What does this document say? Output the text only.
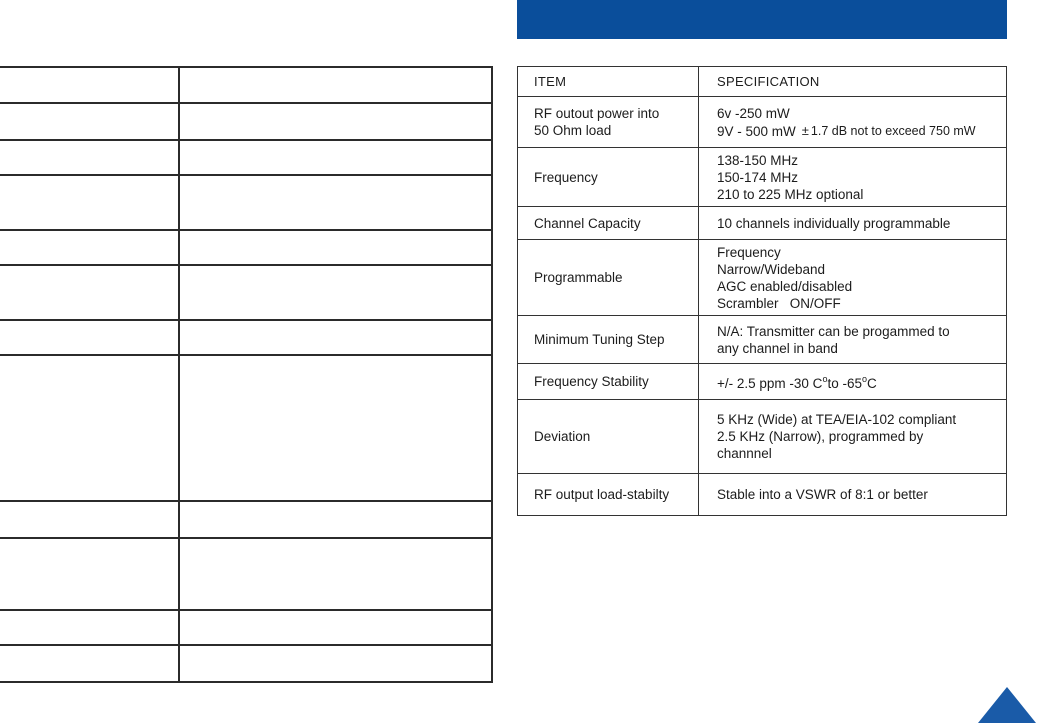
ITEM	SPECIFICATION

RF outout power into
50 Ohm load	6v -250 mW
9V - 500 mW ± 1.7 dB not to exceed 750 mW

Frequency	138-150 MHz
150-174 MHz
210 to 225 MHz optional

Channel Capacity	10 channels individually programmable

Programmable	Frequency
Narrow/Wideband
AGC enabled/disabled
Scrambler   ON/OFF

Minimum Tuning Step	N/A: Transmitter can be progammed to
any channel in band

Frequency Stability	+/- 2.5 ppm -30 $C^oto$ -65$^o$C

Deviation	5 KHz (Wide) at TEA/EIA-102 compliant
2.5 KHz (Narrow), programmed by
channnel

RF output load-stabilty	Stable into a VSWR of 8:1 or better
